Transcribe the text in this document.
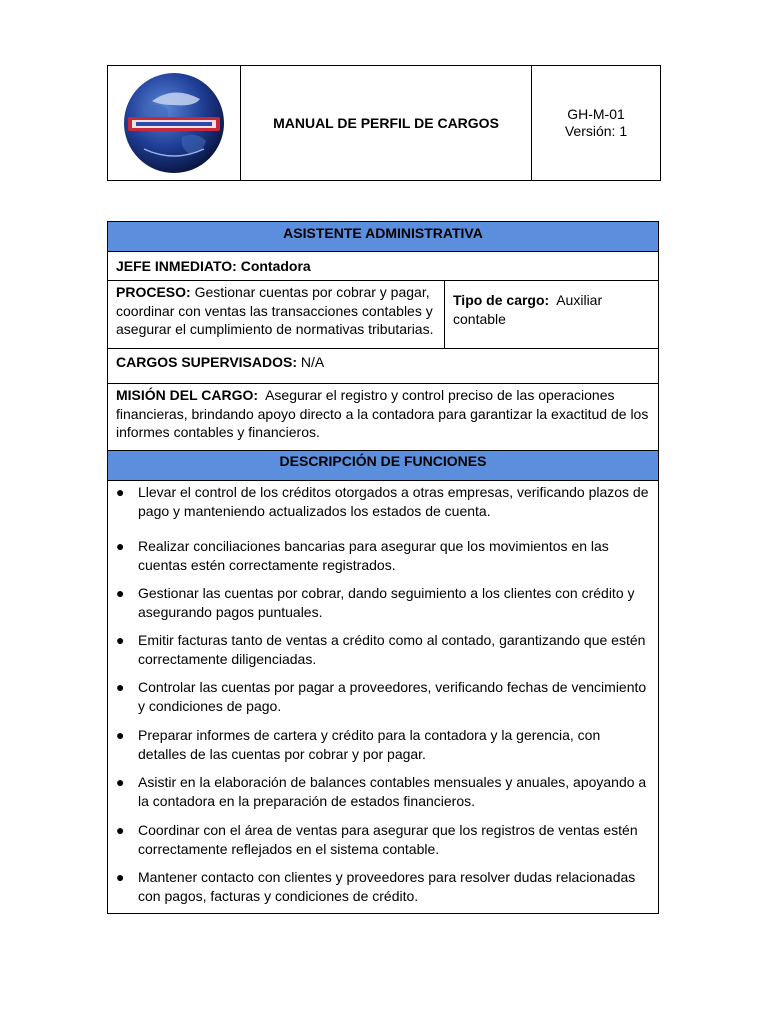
MANUAL DE PERFIL DE CARGOS
GH-M-01
Versión: 1
ASISTENTE ADMINISTRATIVA
JEFE INMEDIATO: Contadora
PROCESO: Gestionar cuentas por cobrar y pagar, coordinar con ventas las transacciones contables y asegurar el cumplimiento de normativas tributarias.
Tipo de cargo: Auxiliar contable
CARGOS SUPERVISADOS: N/A
MISIÓN DEL CARGO: Asegurar el registro y control preciso de las operaciones financieras, brindando apoyo directo a la contadora para garantizar la exactitud de los informes contables y financieros.
DESCRIPCIÓN DE FUNCIONES
● Llevar el control de los créditos otorgados a otras empresas, verificando plazos de pago y manteniendo actualizados los estados de cuenta.
● Realizar conciliaciones bancarias para asegurar que los movimientos en las cuentas estén correctamente registrados.
● Gestionar las cuentas por cobrar, dando seguimiento a los clientes con crédito y asegurando pagos puntuales.
● Emitir facturas tanto de ventas a crédito como al contado, garantizando que estén correctamente diligenciadas.
● Controlar las cuentas por pagar a proveedores, verificando fechas de vencimiento y condiciones de pago.
● Preparar informes de cartera y crédito para la contadora y la gerencia, con detalles de las cuentas por cobrar y por pagar.
● Asistir en la elaboración de balances contables mensuales y anuales, apoyando a la contadora en la preparación de estados financieros.
● Coordinar con el área de ventas para asegurar que los registros de ventas estén correctamente reflejados en el sistema contable.
● Mantener contacto con clientes y proveedores para resolver dudas relacionadas con pagos, facturas y condiciones de crédito.
